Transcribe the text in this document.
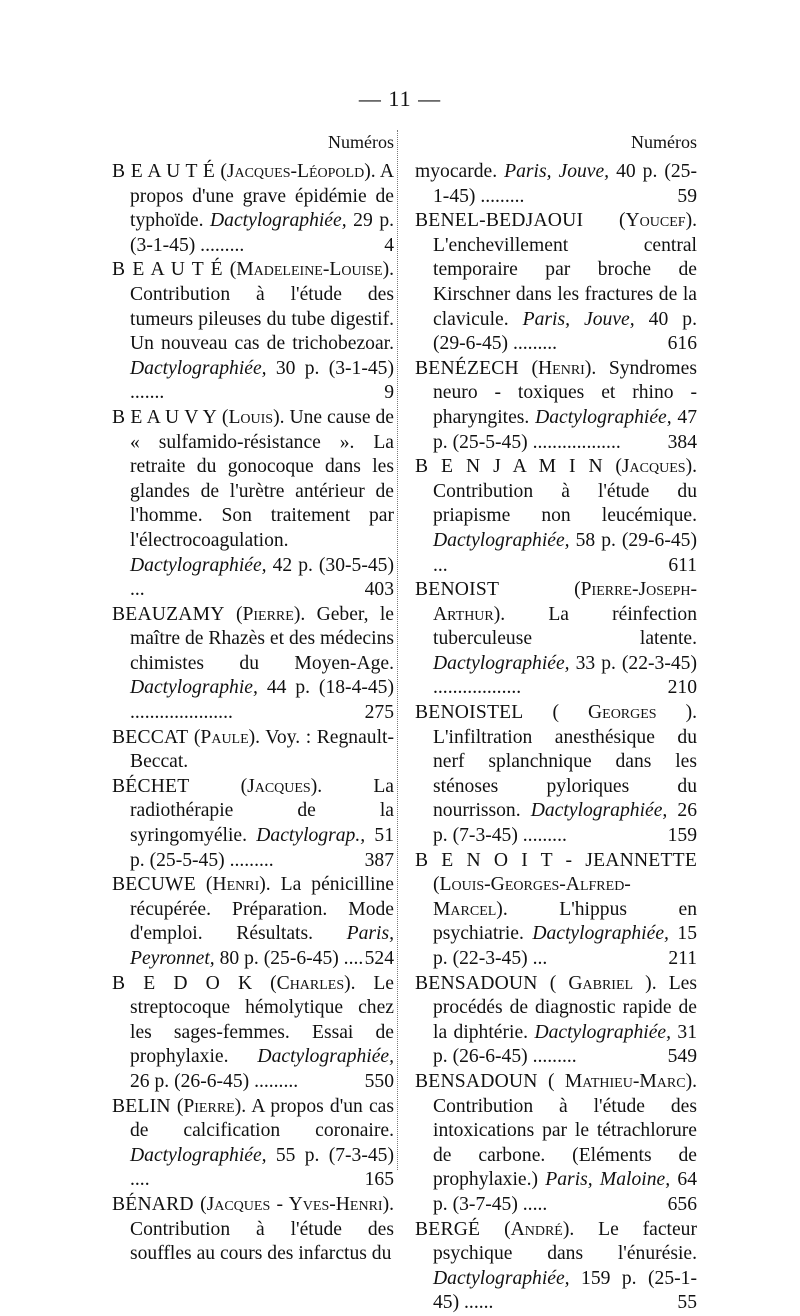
— 11 —
Numéros
B E A U T É (Jacques-Léopold). A propos d'une grave épidémie de typhoïde. Dactylographiée, 29 p. (3-1-45) .........	4
B E A U T É (Madeleine-Louise). Contribution à l'étude des tumeurs pileuses du tube digestif. Un nouveau cas de trichobezoar. Dactylographiée, 30 p. (3-1-45) .......	9
B E A U V Y (Louis). Une cause de « sulfamido-résistance ». La retraite du gonocoque dans les glandes de l'urètre antérieur de l'homme. Son traitement par l'électrocoagulation. Dactylographiée, 42 p. (30-5-45) ...	403
BEAUZAMY (Pierre). Geber, le maître de Rhazès et des médecins chimistes du Moyen-Age. Dactylographie, 44 p. (18-4-45) .....................	275
BECCAT (Paule). Voy. : Regnault-Beccat.
BÉCHET	(Jacques).	La radiothérapie de la syringomyélie. Dactylograp., 51 p. (25-5-45) .........	387
BECUWE (Henri). La pénicilline récupérée. Préparation. Mode d'emploi. Résultats. Paris, Peyronnet, 80 p. (25-6-45) .... 524
B E D O K (Charles). Le streptocoque hémolytique chez les sages-femmes. Essai de prophylaxie. Dactylographiée, 26 p. (26-6-45) .........	550
BELIN (Pierre). A propos d'un cas de calcification coronaire. Dactylographiée, 55 p. (7-3-45) ....	165
BÉNARD (Jacques - Yves-Henri). Contribution à l'étude des souffles au cours des infarctus du
Numéros
myocarde. Paris, Jouve, 40 p. (25-1-45) .........	59
BENEL-BEDJAOUI (Youcef). L'enchevillement central temporaire par broche de Kirschner dans les fractures de la clavicule. Paris, Jouve, 40 p. (29-6-45) .........	616
BENÉZECH (Henri). Syndromes neuro - toxiques et rhino - pharyngites. Dactylographiée, 47 p. (25-5-45) .................. 384
B E N J A M I N (Jacques). Contribution à l'étude du priapisme non leucémique. Dactylographiée, 58 p. (29-6-45) ...	611
BENOIST	(Pierre-Joseph-Arthur). La réinfection tuberculeuse latente. Dactylographiée, 33 p. (22-3-45) ..................	210
BENOISTEL ( Georges ). L'infiltration anesthésique du nerf splanchnique dans les sténoses pyloriques du nourrisson. Dactylographiée, 26 p. (7-3-45) .........	159
B E N O I T - JEANNETTE (Louis-Georges-Alfred-Marcel).	L'hippus en psychiatrie. Dactylographiée, 15 p. (22-3-45) ...	211
BENSADOUN ( Gabriel ). Les procédés de diagnostic rapide de la diphtérie. Dactylographiée, 31 p. (26-6-45) .........	549
BENSADOUN ( Mathieu-Marc). Contribution à l'étude des intoxications par le tétrachlorure de carbone. (Eléments de prophylaxie.) Paris, Maloine, 64 p. (3-7-45) .....	656
BERGÉ (André). Le facteur psychique dans l'énurésie. Dactylographiée, 159 p. (25-1-45) ......	55
